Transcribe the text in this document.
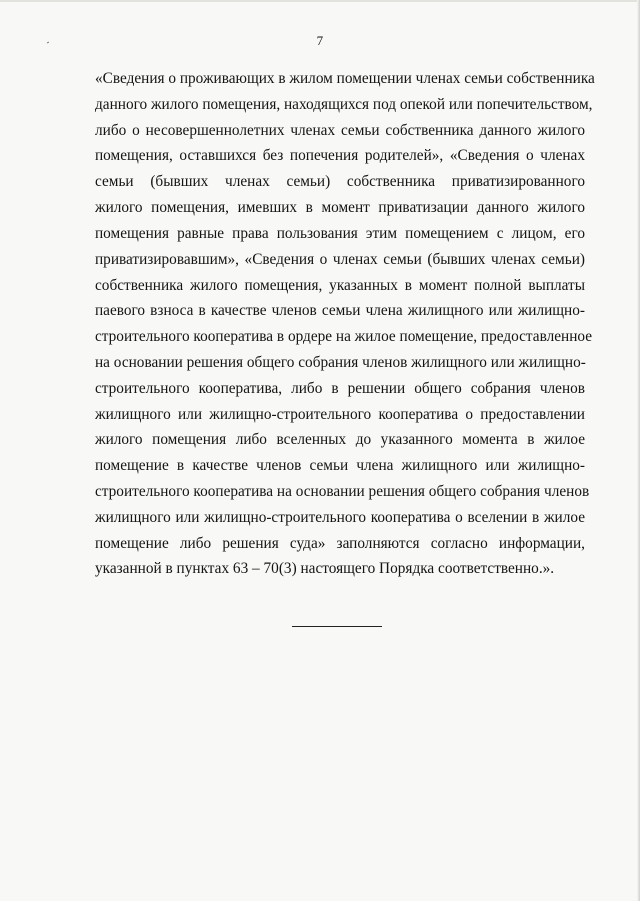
7
«Сведения о проживающих в жилом помещении членах семьи собственника
данного жилого помещения, находящихся под опекой или попечительством,
либо о несовершеннолетних членах семьи собственника данного жилого
помещения, оставшихся без попечения родителей», «Сведения о членах
семьи (бывших членах семьи) собственника приватизированного
жилого помещения, имевших в момент приватизации данного жилого
помещения равные права пользования этим помещением с лицом, его
приватизировавшим», «Сведения о членах семьи (бывших членах семьи)
собственника жилого помещения, указанных в момент полной выплаты
паевого взноса в качестве членов семьи члена жилищного или жилищно-
строительного кооператива в ордере на жилое помещение, предоставленное
на основании решения общего собрания членов жилищного или жилищно-
строительного кооператива, либо в решении общего собрания членов
жилищного или жилищно-строительного кооператива о предоставлении
жилого помещения либо вселенных до указанного момента в жилое
помещение в качестве членов семьи члена жилищного или жилищно-
строительного кооператива на основании решения общего собрания членов
жилищного или жилищно-строительного кооператива о вселении в жилое
помещение либо решения суда» заполняются согласно информации,
указанной в пунктах 63 – 70(3) настоящего Порядка соответственно.».
